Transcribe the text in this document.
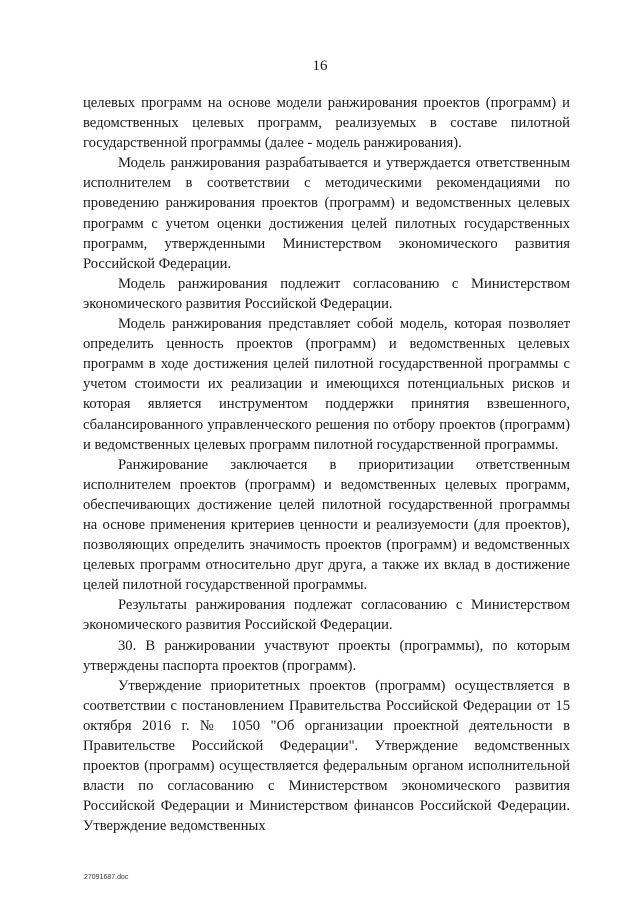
16

целевых программ на основе модели ранжирования проектов (программ) и ведомственных целевых программ, реализуемых в составе пилотной государственной программы (далее - модель ранжирования).

Модель ранжирования разрабатывается и утверждается ответственным исполнителем в соответствии с методическими рекомендациями по проведению ранжирования проектов (программ) и ведомственных целевых программ с учетом оценки достижения целей пилотных государственных программ, утвержденными Министерством экономического развития Российской Федерации.

Модель ранжирования подлежит согласованию с Министерством экономического развития Российской Федерации.

Модель ранжирования представляет собой модель, которая позволяет определить ценность проектов (программ) и ведомственных целевых программ в ходе достижения целей пилотной государственной программы с учетом стоимости их реализации и имеющихся потенциальных рисков и которая является инструментом поддержки принятия взвешенного, сбалансированного управленческого решения по отбору проектов (программ) и ведомственных целевых программ пилотной государственной программы.

Ранжирование заключается в приоритизации ответственным исполнителем проектов (программ) и ведомственных целевых программ, обеспечивающих достижение целей пилотной государственной программы на основе применения критериев ценности и реализуемости (для проектов), позволяющих определить значимость проектов (программ) и ведомственных целевых программ относительно друг друга, а также их вклад в достижение целей пилотной государственной программы.

Результаты ранжирования подлежат согласованию с Министерством экономического развития Российской Федерации.

30. В ранжировании участвуют проекты (программы), по которым утверждены паспорта проектов (программ).

Утверждение приоритетных проектов (программ) осуществляется в соответствии с постановлением Правительства Российской Федерации от 15 октября 2016 г. № 1050 "Об организации проектной деятельности в Правительстве Российской Федерации". Утверждение ведомственных проектов (программ) осуществляется федеральным органом исполнительной власти по согласованию с Министерством экономического развития Российской Федерации и Министерством финансов Российской Федерации. Утверждение ведомственных

27091687.doc
